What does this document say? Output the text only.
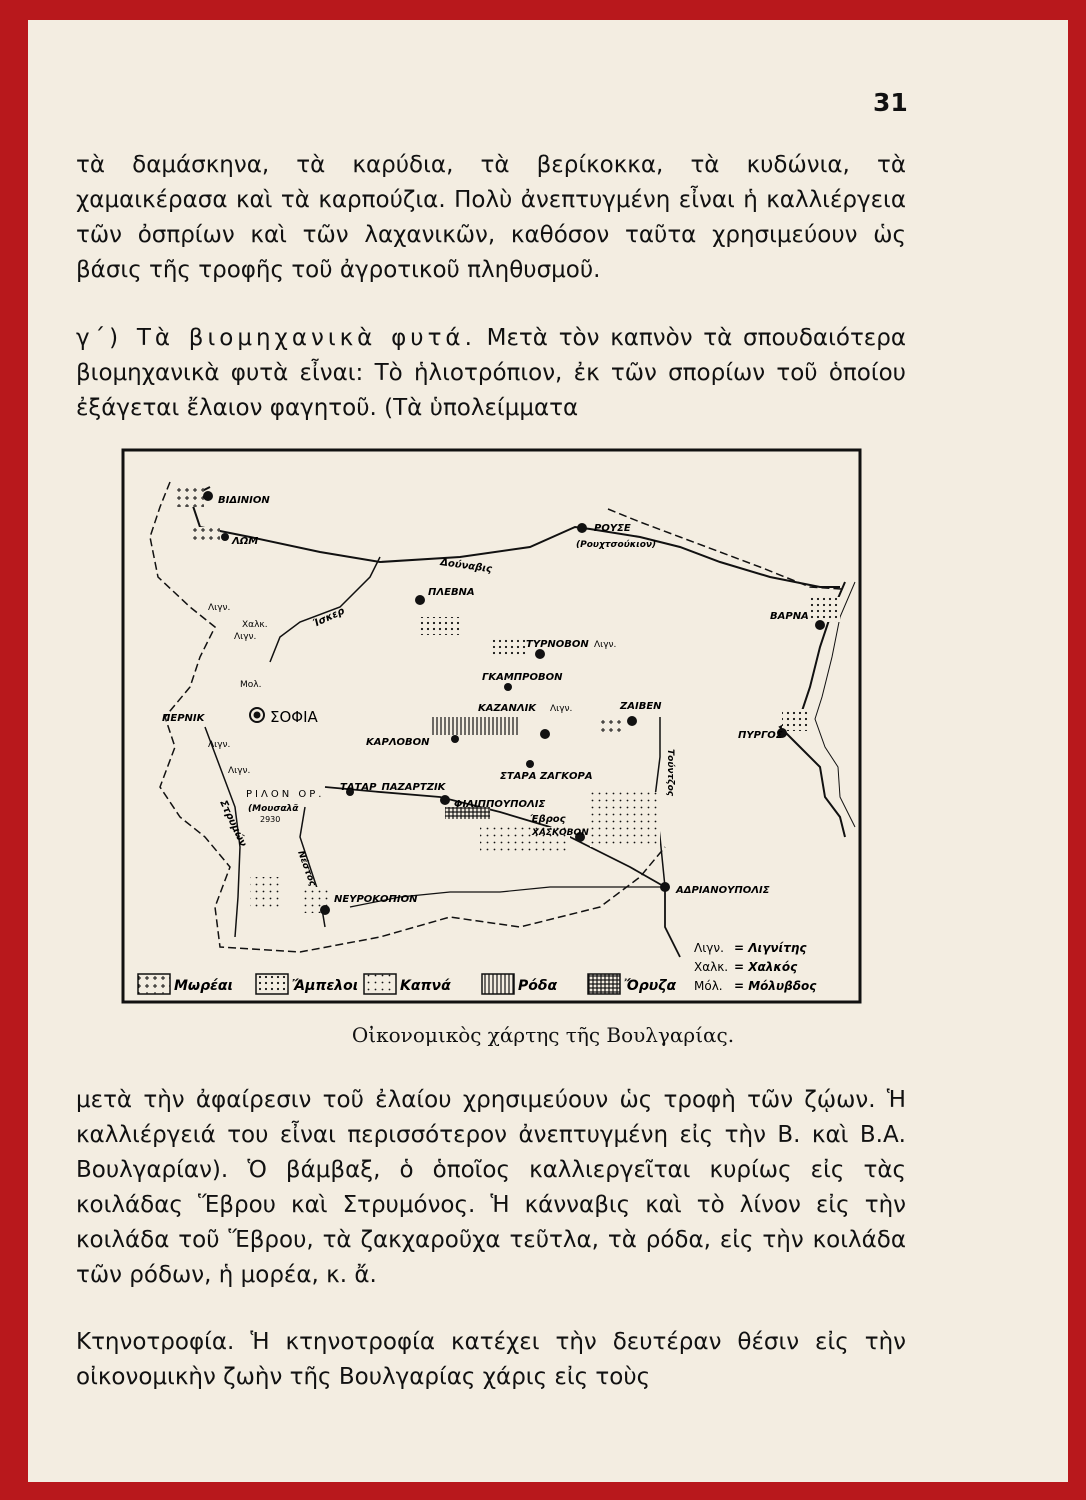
31

τὰ δαμάσκηνα, τὰ καρύδια, τὰ βερίκοκκα, τὰ κυδώνια, τὰ χαμαικέρασα καὶ τὰ καρπούζια. Πολὺ ἀνεπτυγμένη εἶναι ἡ καλλιέργεια τῶν ὀσπρίων καὶ τῶν λαχανικῶν, καθόσον ταῦτα χρησιμεύουν ὡς βάσις τῆς τροφῆς τοῦ ἀγροτικοῦ πληθυσμοῦ.

γ΄) Τὰ βιομηχανικὰ φυτά. Μετὰ τὸν καπνὸν τὰ σπουδαιότερα βιομηχανικὰ φυτὰ εἶναι: Τὸ ἡλιοτρόπιον, ἐκ τῶν σπορίων τοῦ ὁποίου ἐξάγεται ἔλαιον φαγητοῦ. (Τὰ ὑπολείμματα

ΒΙΔΙΝΙΟΝ
ΛΩΜ
ΡΟΥΣΕ
(Ρουχτσούκιον)
Δούναβις
ΠΛΕΒΝΑ
ΒΑΡΝΑ
ΤΥΡΝΟΒΟΝ
ΓΚΑΜΠΡΟΒΟΝ
ΚΑΖΑΝΛΙΚ	ΖΑΙΒΕΝ
ΚΑΡΛΟΒΟΝ
ΠΥΡΓΟΣ
ΠΕΡΝΙΚ	ΣΟΦΙΑ
ΣΤΑΡΑ ΖΑΓΚΟΡΑ
ΤΑΤΑΡ_ΠΑΖΑΡΤΖΙΚ
ΦΙΛΙΠΠΟΥΠΟΛΙΣ
Έβρος
ΧΑΣΚΟΒΟΝ
ΑΔΡΙΑΝΟΥΠΟΛΙΣ
ΝΕΥΡΟΚΟΠΙΟΝ
ΡΙΛΟΝ ΟΡ.
(Μουσαλᾶ
2930
Ίσκερ
Στρυμών
Νέστος
Τούντζος
Λιγν.
Χαλκ.
Λιγν.
Μολ.
Λιγν.
Λιγν.
Λιγν.
Λιγν.
Μωρέαι	Ἄμπελοι	Καπνά	Ρόδα	Ὄρυζα
Λιγν. = Λιγνίτης
Χαλκ. = Χαλκός
Μόλ. = Μόλυβδος
Οἰκονομικὸς χάρτης τῆς Βουλγαρίας.

μετὰ τὴν ἀφαίρεσιν τοῦ ἐλαίου χρησιμεύουν ὡς τροφὴ τῶν ζῴων. Ἡ καλλιέργειά του εἶναι περισσότερον ἀνεπτυγμένη εἰς τὴν Β. καὶ Β.Α. Βουλγαρίαν). Ὁ βάμβαξ, ὁ ὁποῖος καλλιεργεῖται κυρίως εἰς τὰς κοιλάδας Ἕβρου καὶ Στρυμόνος. Ἡ κάνναβις καὶ τὸ λίνον εἰς τὴν κοιλάδα τοῦ Ἕβρου, τὰ ζακχαροῦχα τεῦτλα, τὰ ρόδα, εἰς τὴν κοιλάδα τῶν ρόδων, ἡ μορέα, κ. ἄ.

Κτηνοτροφία. Ἡ κτηνοτροφία κατέχει τὴν δευτέραν θέσιν εἰς τὴν οἰκονομικὴν ζωὴν τῆς Βουλγαρίας χάρις εἰς τοὺς
